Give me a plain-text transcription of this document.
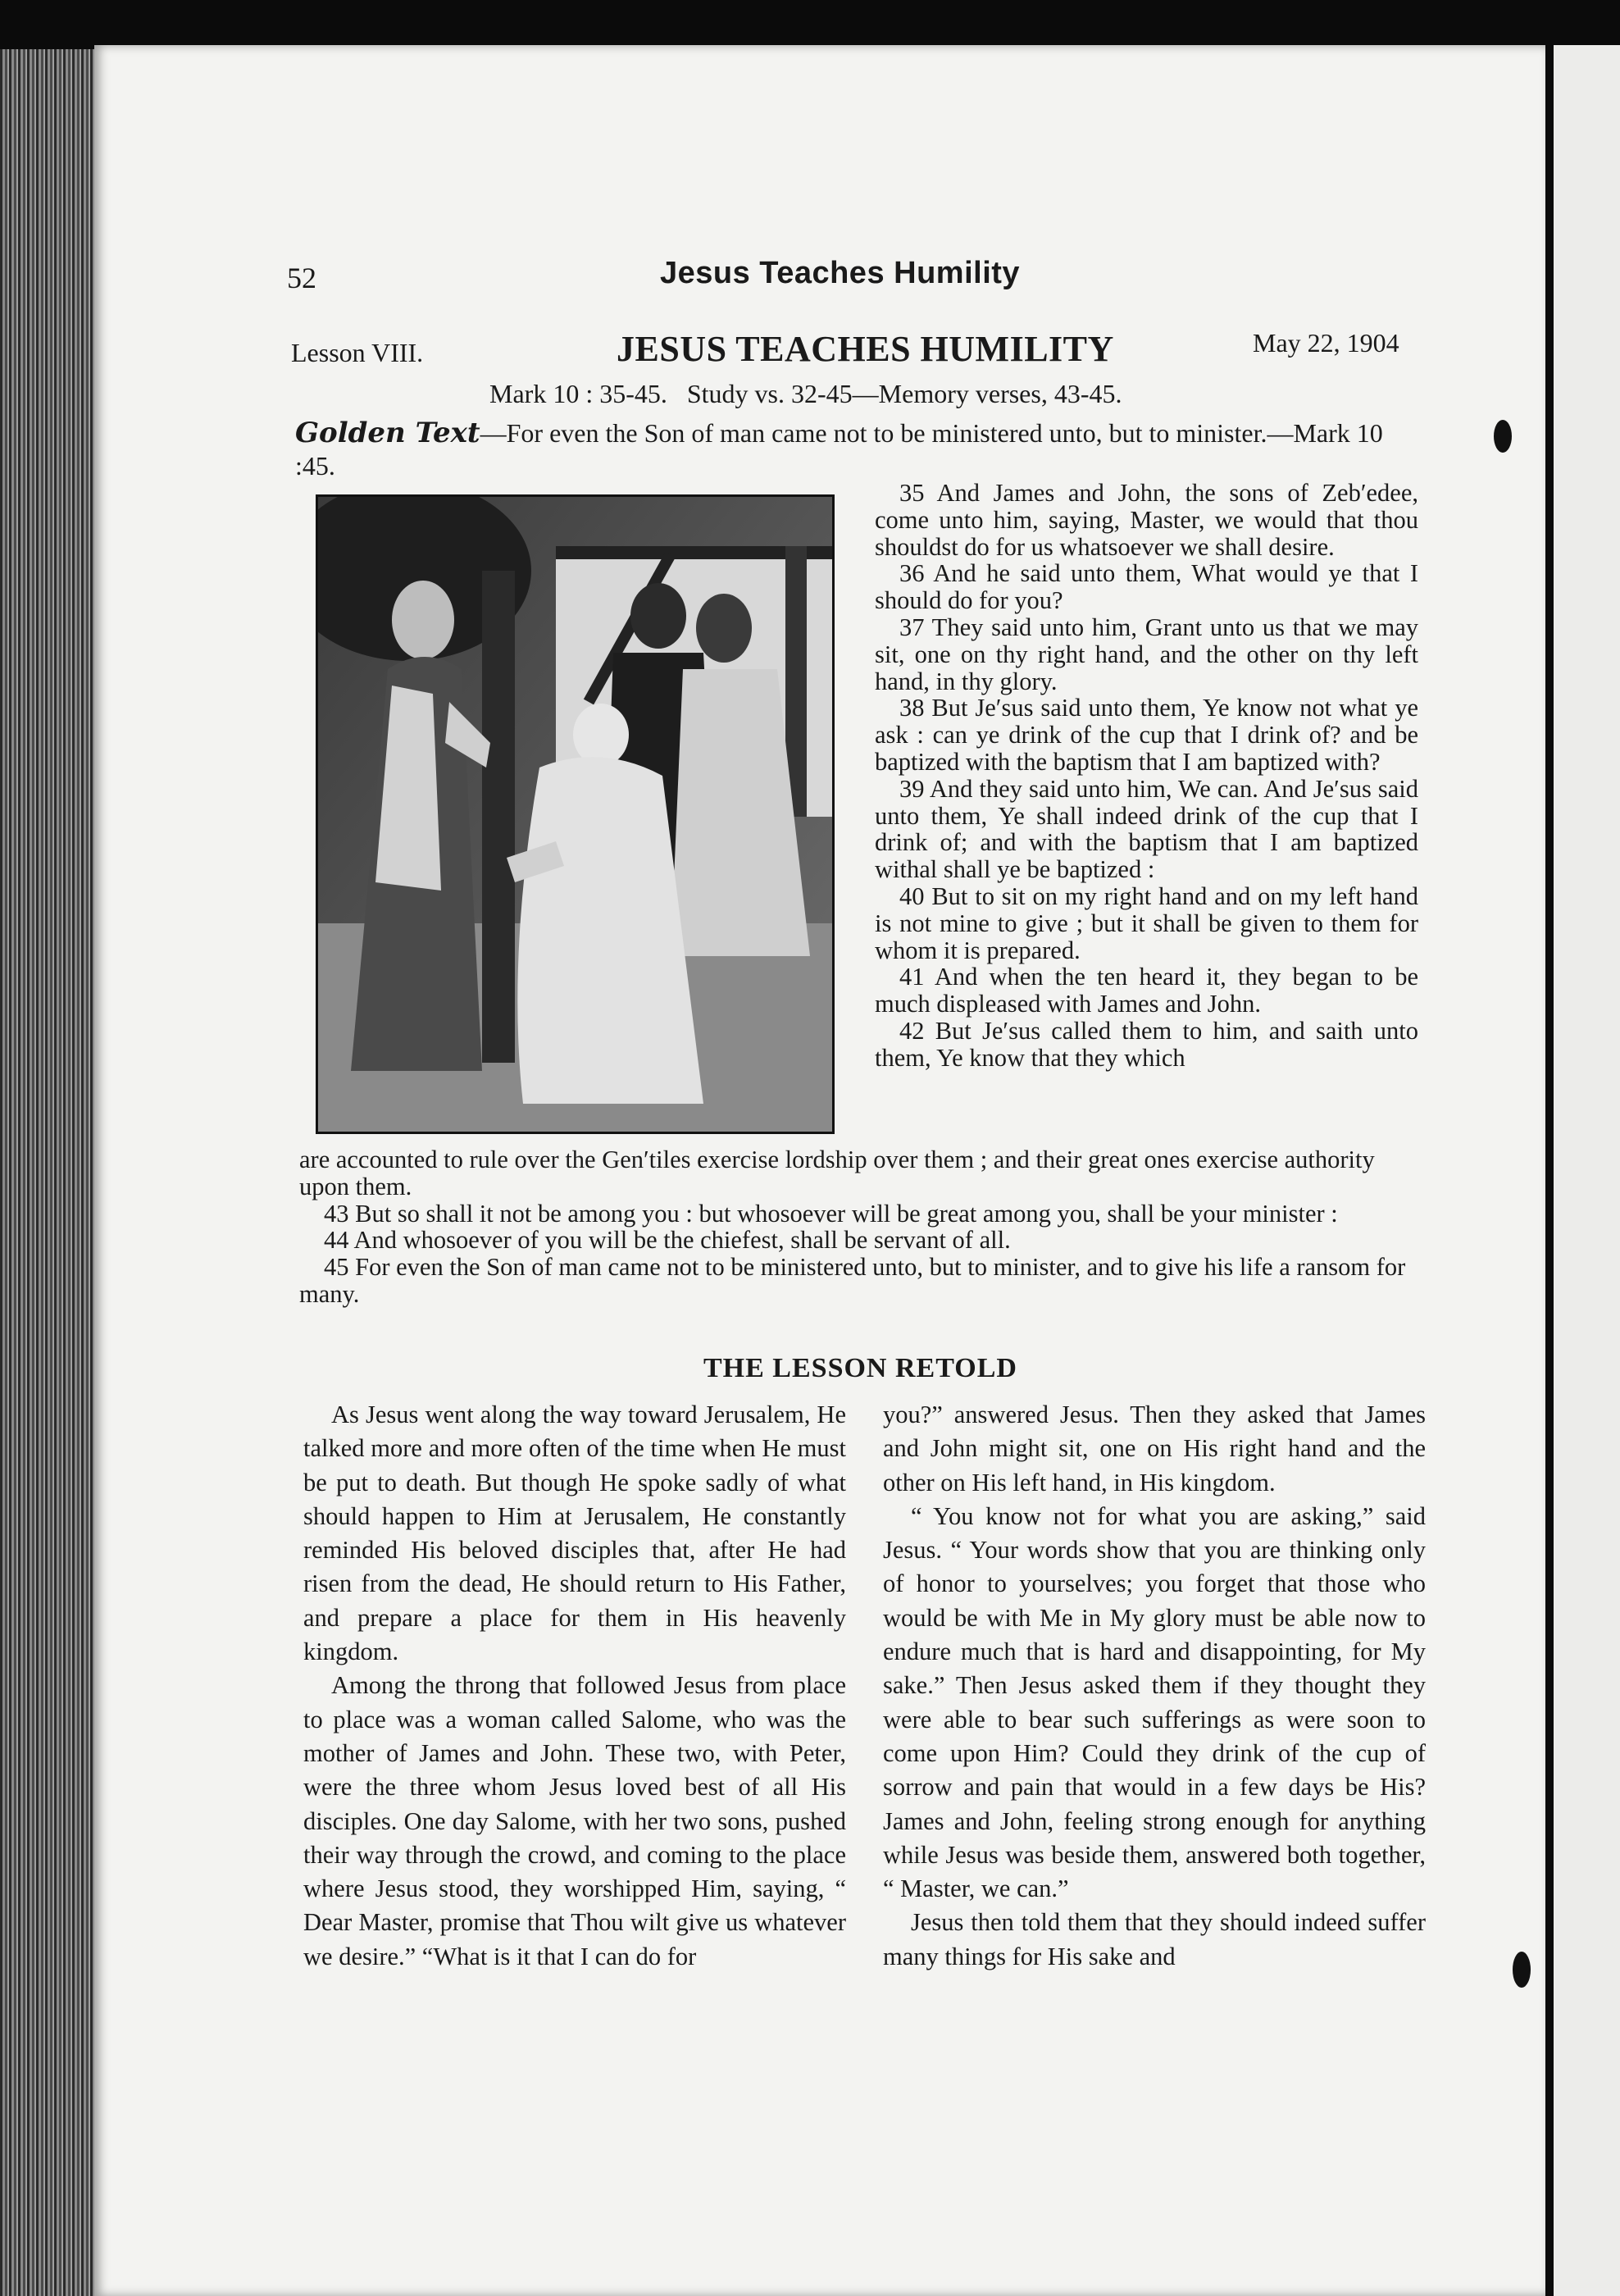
52	Jesus Teaches Humility
Lesson VIII.	JESUS TEACHES HUMILITY	May 22, 1904
Mark 10 : 35-45.   Study vs. 32-45—Memory verses, 43-45.
Golden Text—For even the Son of man came not to be ministered unto, but to minister.—Mark 10 :45.

35 And James and John, the sons of Zeb′edee, come unto him, saying, Master, we would that thou shouldst do for us whatsoever we shall desire.

36 And he said unto them, What would ye that I should do for you?

37 They said unto him, Grant unto us that we may sit, one on thy right hand, and the other on thy left hand, in thy glory.

38 But Je′sus said unto them, Ye know not what ye ask : can ye drink of the cup that I drink of? and be baptized with the baptism that I am baptized with?

39 And they said unto him, We can. And Je′sus said unto them, Ye shall indeed drink of the cup that I drink of; and with the baptism that I am baptized withal shall ye be baptized :

40 But to sit on my right hand and on my left hand is not mine to give ; but it shall be given to them for whom it is prepared.

41 And when the ten heard it, they began to be much displeased with James and John.

42 But Je′sus called them to him, and saith unto them, Ye know that they which

are accounted to rule over the Gen′tiles exercise lordship over them ; and their great ones exercise authority upon them.

43 But so shall it not be among you : but whosoever will be great among you, shall be your minister :

44 And whosoever of you will be the chiefest, shall be servant of all.

45 For even the Son of man came not to be ministered unto, but to minister, and to give his life a ransom for many.

THE LESSON RETOLD

As Jesus went along the way toward Jerusalem, He talked more and more often of the time when He must be put to death. But though He spoke sadly of what should happen to Him at Jerusalem, He constantly reminded His beloved disciples that, after He had risen from the dead, He should return to His Father, and prepare a place for them in His heavenly kingdom.

Among the throng that followed Jesus from place to place was a woman called Salome, who was the mother of James and John. These two, with Peter, were the three whom Jesus loved best of all His disciples. One day Salome, with her two sons, pushed their way through the crowd, and coming to the place where Jesus stood, they worshipped Him, saying, “ Dear Master, promise that Thou wilt give us whatever we desire.” “What is it that I can do for

you?” answered Jesus. Then they asked that James and John might sit, one on His right hand and the other on His left hand, in His kingdom.

“ You know not for what you are asking,” said Jesus. “ Your words show that you are thinking only of honor to yourselves; you forget that those who would be with Me in My glory must be able now to endure much that is hard and disappointing, for My sake.” Then Jesus asked them if they thought they were able to bear such sufferings as were soon to come upon Him? Could they drink of the cup of sorrow and pain that would in a few days be His? James and John, feeling strong enough for anything while Jesus was beside them, answered both together, “ Master, we can.”

Jesus then told them that they should indeed suffer many things for His sake and
